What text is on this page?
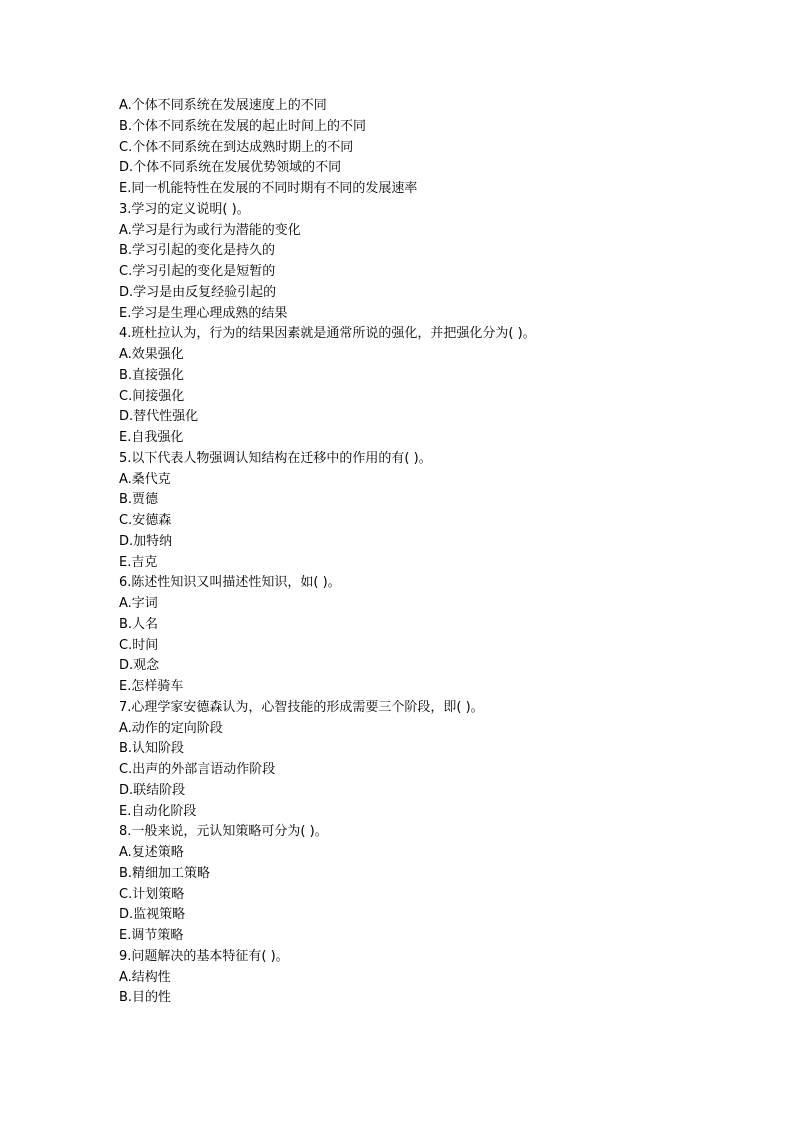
A.个体不同系统在发展速度上的不同
B.个体不同系统在发展的起止时间上的不同
C.个体不同系统在到达成熟时期上的不同
D.个体不同系统在发展优势领域的不同
E.同一机能特性在发展的不同时期有不同的发展速率
3.学习的定义说明( )。
A.学习是行为或行为潜能的变化
B.学习引起的变化是持久的
C.学习引起的变化是短暂的
D.学习是由反复经验引起的
E.学习是生理心理成熟的结果
4.班杜拉认为，行为的结果因素就是通常所说的强化，并把强化分为( )。
A.效果强化
B.直接强化
C.间接强化
D.替代性强化
E.自我强化
5.以下代表人物强调认知结构在迁移中的作用的有( )。
A.桑代克
B.贾德
C.安德森
D.加特纳
E.吉克
6.陈述性知识又叫描述性知识，如( )。
A.字词
B.人名
C.时间
D.观念
E.怎样骑车
7.心理学家安德森认为，心智技能的形成需要三个阶段，即( )。
A.动作的定向阶段
B.认知阶段
C.出声的外部言语动作阶段
D.联结阶段
E.自动化阶段
8.一般来说，元认知策略可分为( )。
A.复述策略
B.精细加工策略
C.计划策略
D.监视策略
E.调节策略
9.问题解决的基本特征有( )。
A.结构性
B.目的性
